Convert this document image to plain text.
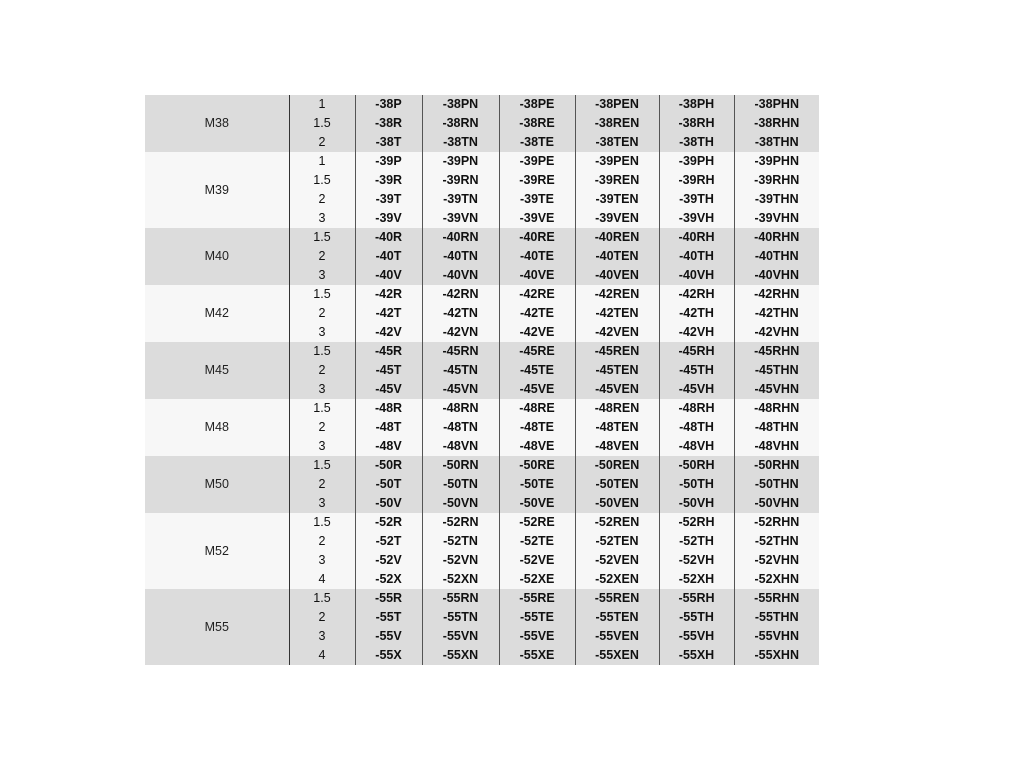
M38	1	-38P	-38PN	-38PE	-38PEN	-38PH	-38PHN
	1.5	-38R	-38RN	-38RE	-38REN	-38RH	-38RHN
	2	-38T	-38TN	-38TE	-38TEN	-38TH	-38THN
M39	1	-39P	-39PN	-39PE	-39PEN	-39PH	-39PHN
	1.5	-39R	-39RN	-39RE	-39REN	-39RH	-39RHN
	2	-39T	-39TN	-39TE	-39TEN	-39TH	-39THN
	3	-39V	-39VN	-39VE	-39VEN	-39VH	-39VHN
M40	1.5	-40R	-40RN	-40RE	-40REN	-40RH	-40RHN
	2	-40T	-40TN	-40TE	-40TEN	-40TH	-40THN
	3	-40V	-40VN	-40VE	-40VEN	-40VH	-40VHN
M42	1.5	-42R	-42RN	-42RE	-42REN	-42RH	-42RHN
	2	-42T	-42TN	-42TE	-42TEN	-42TH	-42THN
	3	-42V	-42VN	-42VE	-42VEN	-42VH	-42VHN
M45	1.5	-45R	-45RN	-45RE	-45REN	-45RH	-45RHN
	2	-45T	-45TN	-45TE	-45TEN	-45TH	-45THN
	3	-45V	-45VN	-45VE	-45VEN	-45VH	-45VHN
M48	1.5	-48R	-48RN	-48RE	-48REN	-48RH	-48RHN
	2	-48T	-48TN	-48TE	-48TEN	-48TH	-48THN
	3	-48V	-48VN	-48VE	-48VEN	-48VH	-48VHN
M50	1.5	-50R	-50RN	-50RE	-50REN	-50RH	-50RHN
	2	-50T	-50TN	-50TE	-50TEN	-50TH	-50THN
	3	-50V	-50VN	-50VE	-50VEN	-50VH	-50VHN
M52	1.5	-52R	-52RN	-52RE	-52REN	-52RH	-52RHN
	2	-52T	-52TN	-52TE	-52TEN	-52TH	-52THN
	3	-52V	-52VN	-52VE	-52VEN	-52VH	-52VHN
	4	-52X	-52XN	-52XE	-52XEN	-52XH	-52XHN
M55	1.5	-55R	-55RN	-55RE	-55REN	-55RH	-55RHN
	2	-55T	-55TN	-55TE	-55TEN	-55TH	-55THN
	3	-55V	-55VN	-55VE	-55VEN	-55VH	-55VHN
	4	-55X	-55XN	-55XE	-55XEN	-55XH	-55XHN
